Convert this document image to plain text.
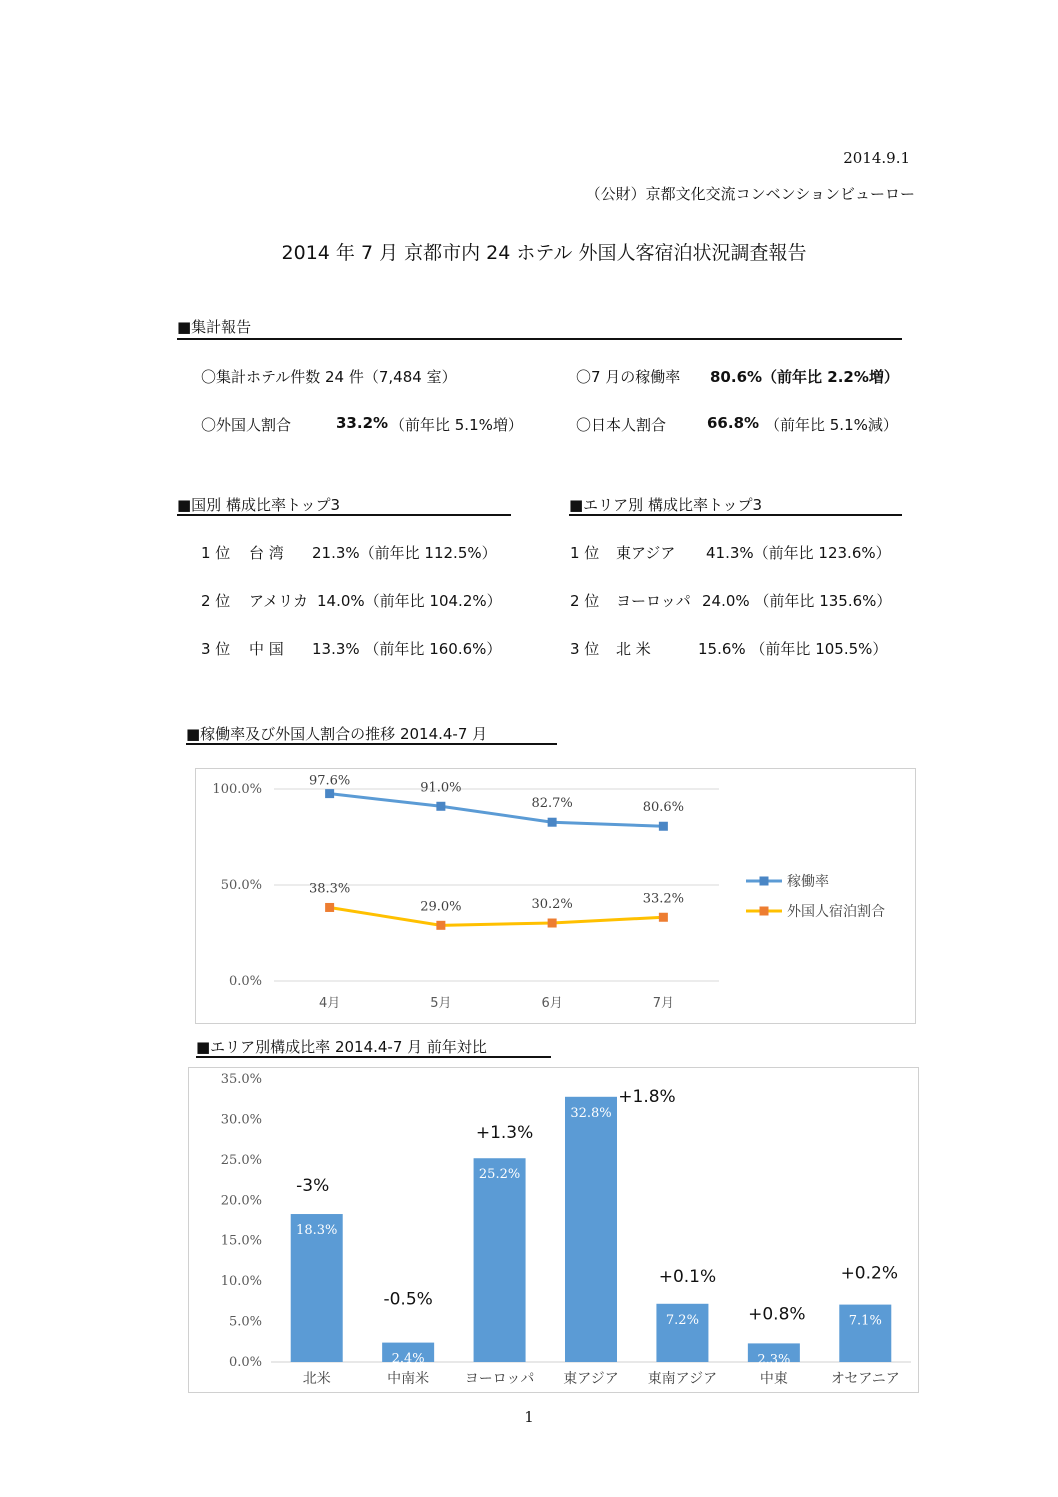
2014.9.1
（公財）京都文化交流コンベンションビューロー
2014 年 7 月 京都市内 24 ホテル 外国人客宿泊状況調査報告
■集計報告
〇集計ホテル件数 24 件（7,484 室）	〇7 月の稼働率 80.6%（前年比 2.2%増）
〇外国人割合	33.2% （前年比 5.1%増）	〇日本人割合	66.8% （前年比 5.1%減）
■国別 構成比率トップ3
1 位 台 湾 21.3%（前年比 112.5%）
2 位 アメリカ 14.0%（前年比 104.2%）
3 位 中 国 13.3% （前年比 160.6%）
■エリア別 構成比率トップ3
1 位 東アジア 41.3%（前年比 123.6%）
2 位 ヨーロッパ 24.0% （前年比 135.6%）
3 位 北 米	15.6% （前年比 105.5%）
■稼働率及び外国人割合の推移 2014.4-7 月
0.0%
50.0%
100.0%
4月	5月	6月	7月
97.6%	91.0%
82.7%	80.6%
38.3%
29.0%	30.2%	33.2%
稼働率
外国人宿泊割合
■エリア別構成比率 2014.4-7 月 前年対比
0.0%
5.0%
10.0%
15.0%
20.0%
25.0%
30.0%
35.0%
18.3%
北米
2.4%
中南米
25.2%
ヨーロッパ
32.8%
東アジア
7.2%
東南アジア
2.3%
中東
7.1%
オセアニア
-3%
-0.5%
+1.3%
+1.8%
+0.1%
+0.8%
+0.2%
1
